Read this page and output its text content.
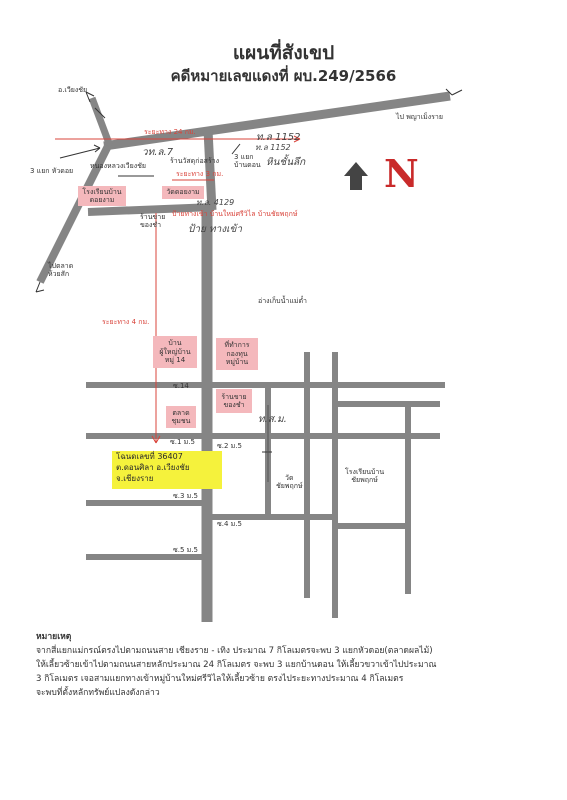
แผนที่สังเขป
คดีหมายเลขแดงที่ ผบ.249/2566
อ.เวียงชัย
ไป พญาเม็งราย
3 แยก หัวดอย
หนองหลวงเวียงชัย
ร้านวัสดุก่อสร้าง 3 แยก
บ้านดอน
ไปตลาด
ห้วยสัก
ร้านขาย
ของชำ
อ่างเก็บน้ำแม่ต๋ำ
ซ.14
ซ.1 ม.5	ซ.2 ม.5
ซ.3 ม.5
ซ.4 ม.5
ซ.5 ม.5
วัด
ชัยพฤกษ์
โรงเรียนบ้าน
ชัยพฤกษ์
ระยะทาง 24 กม.
ระยะทาง 3 กม.
ระยะทาง 4 กม.
ป้ายทางเข้า บ้านใหม่ศรีวิไล บ้านชัยพฤกษ์
โรงเรียนบ้าน
ดอยงาม
วัดดอยงาม
บ้าน
ผู้ใหญ่บ้าน
หมู่ 14
ที่ทำการ
กองทุน
หมู่บ้าน
ร้านขาย
ของชำ
ตลาด
ชุมชน
ท.ล 1152
วท.ล.7	ท.ล 1152
หินชั้นลึก
ท.ล. 4129
ป้าย ทางเข้า
ท.ส.ม.
N
โฉนดเลขที่ 36407
ต.ดอนศิลา อ.เวียงชัย
จ.เชียงราย
หมายเหตุ
จากสี่แยกแม่กรณ์ตรงไปตามถนนสาย เชียงราย - เทิง ประมาณ 7 กิโลเมตรจะพบ 3 แยกหัวดอย(ตลาดผลไม้)
ให้เลี้ยวซ้ายเข้าไปตามถนนสายหลักประมาณ 24 กิโลเมตร จะพบ 3 แยกบ้านดอน ให้เลี้ยวขวาเข้าไปประมาณ
3 กิโลเมตร เจอสามแยกทางเข้าหมู่บ้านใหม่ศรีวิไลให้เลี้ยวซ้าย ตรงไประยะทางประมาณ 4 กิโลเมตร
จะพบที่ตั้งหลักทรัพย์แปลงดังกล่าว
